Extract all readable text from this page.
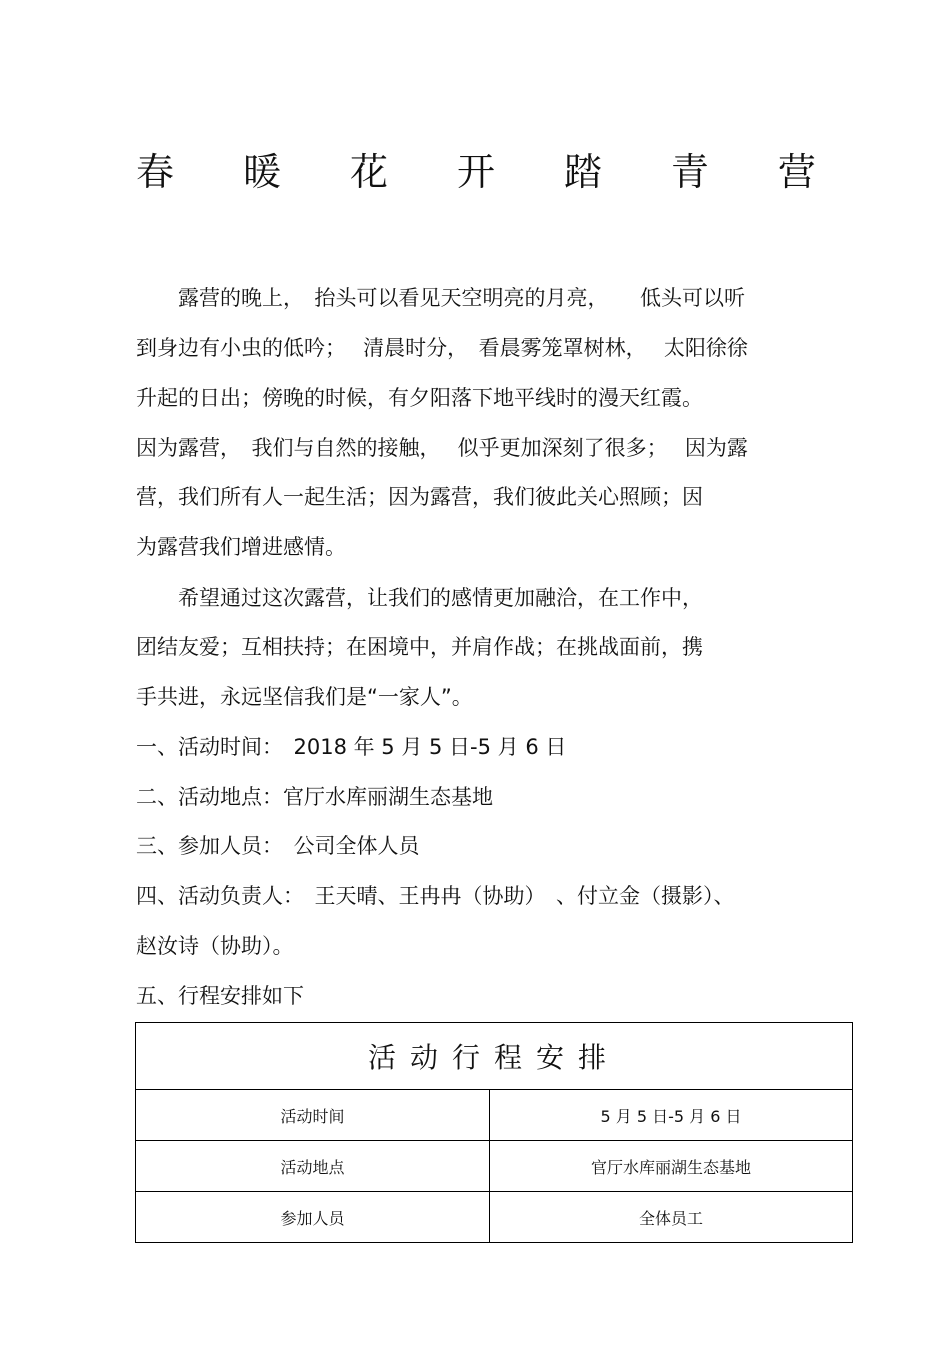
春 暖 花 开 踏 青 营
　　露营的晚上，　抬头可以看见天空明亮的月亮，　　低头可以听
到身边有小虫的低吟；　 清晨时分，　看晨雾笼罩树林，　 太阳徐徐
升起的日出；傍晚的时候，有夕阳落下地平线时的漫天红霞。
因为露营，　我们与自然的接触，　 似乎更加深刻了很多；　 因为露
营，我们所有人一起生活；因为露营，我们彼此关心照顾；因
为露营我们增进感情。
　　希望通过这次露营，让我们的感情更加融洽，在工作中，
团结友爱；互相扶持；在困境中，并肩作战；在挑战面前，携
手共进，永远坚信我们是“一家人”。
一、活动时间：　2018 年 5 月 5 日-5 月 6 日
二、活动地点：官厅水库丽湖生态基地
三、参加人员：　公司全体人员
四、活动负责人：　王天晴、王冉冉（协助）　、付立金（摄影）、
赵汝诗（协助）。
五、行程安排如下
活动行程安排	
活动时间	5 月 5 日-5 月 6 日
活动地点	官厅水库丽湖生态基地
参加人员	全体员工
